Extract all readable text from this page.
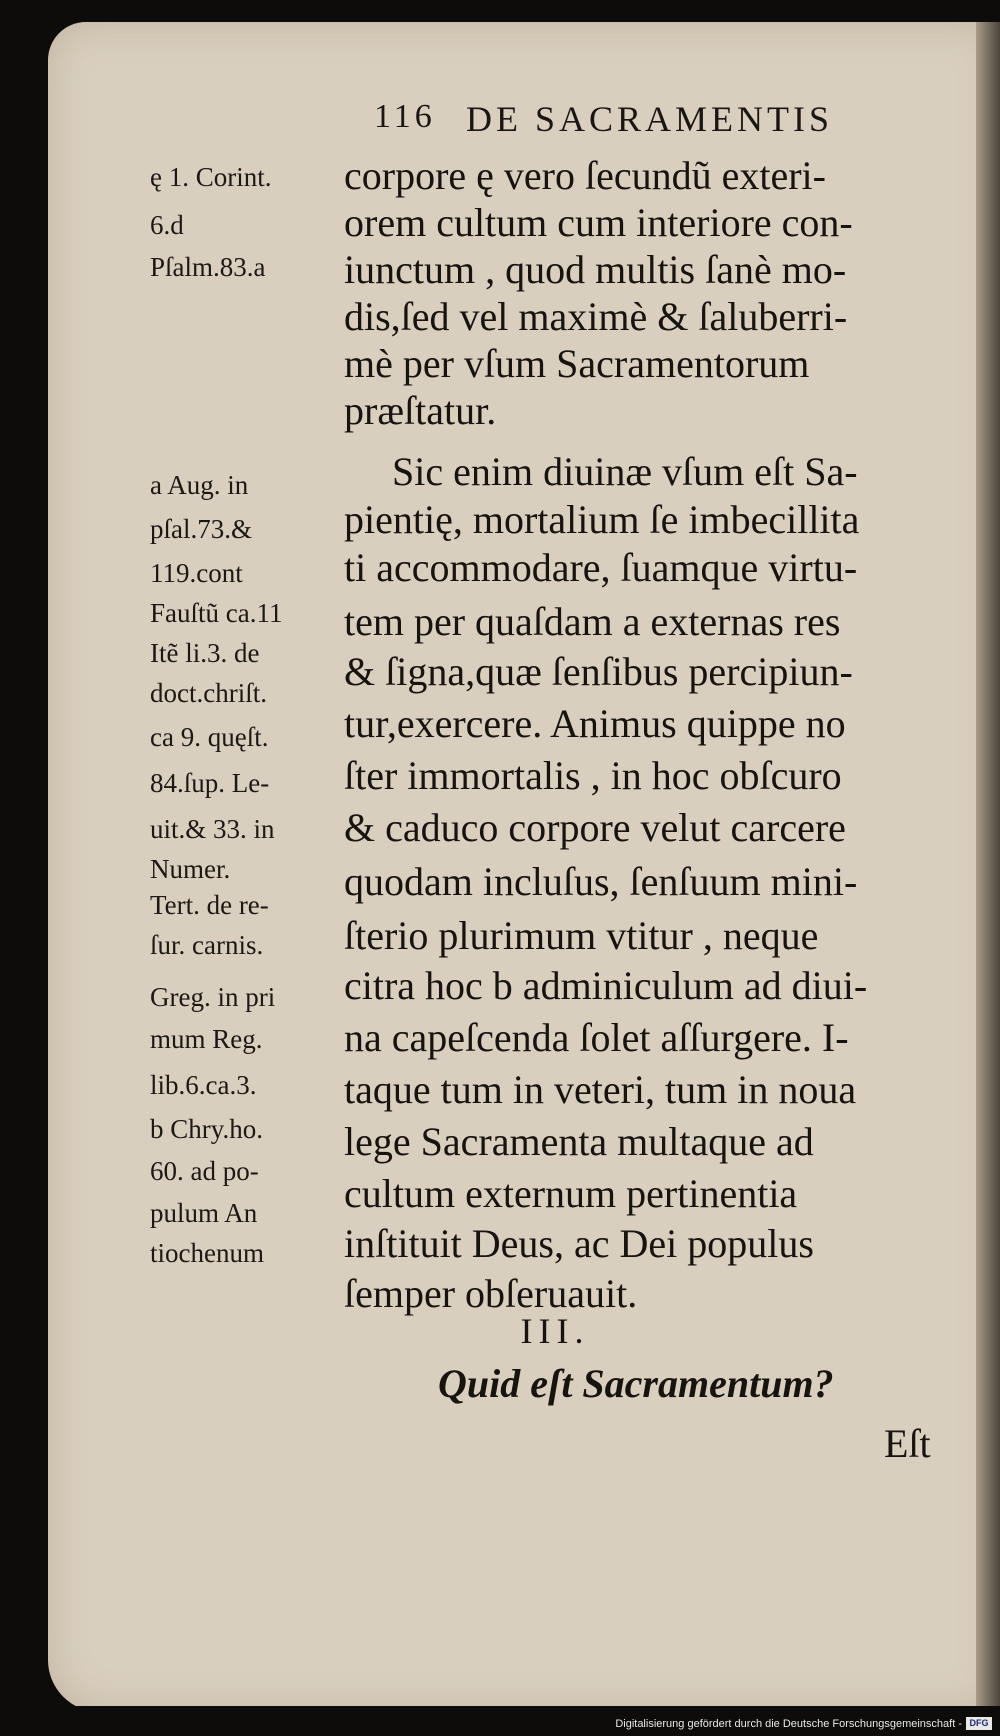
116 DE SACRAMENTIS
corpore ę vero ſecundũ exteri-
orem cultum cum interiore con-
iunctum , quod multis ſanè mo-
dis,ſed vel maximè & ſaluberri-
mè per vſum Sacramentorum
præſtatur.
Sic enim diuinæ vſum eſt Sa-
pientię, mortalium ſe imbecillita
ti accommodare, ſuamque virtu-
tem per quaſdam a externas res
& ſigna,quæ ſenſibus percipiun-
tur,exercere. Animus quippe no
ſter immortalis , in hoc obſcuro
& caduco corpore velut carcere
quodam incluſus, ſenſuum mini-
ſterio plurimum vtitur , neque
citra hoc b adminiculum ad diui-
na capeſcenda ſolet aſſurgere. I-
taque tum in veteri, tum in noua
lege Sacramenta multaque ad
cultum externum pertinentia
inſtituit Deus, ac Dei populus
ſemper obſeruauit.
ę 1. Corint.
6.d
Pſalm.83.a
a Aug. in
pſal.73.&
119.cont
Fauſtũ ca.11
Itẽ li.3. de
doct.chriſt.
ca 9. quęſt.
84.ſup. Le-
uit.& 33. in
Numer.
Tert. de re-
ſur. carnis.
Greg. in pri
mum Reg.
lib.6.ca.3.
b Chry.ho.
60. ad po-
pulum An
tiochenum
III.
Quid eſt Sacramentum?
Eſt
Digitalisierung gefördert durch die Deutsche Forschungsgemeinschaft - DFG
